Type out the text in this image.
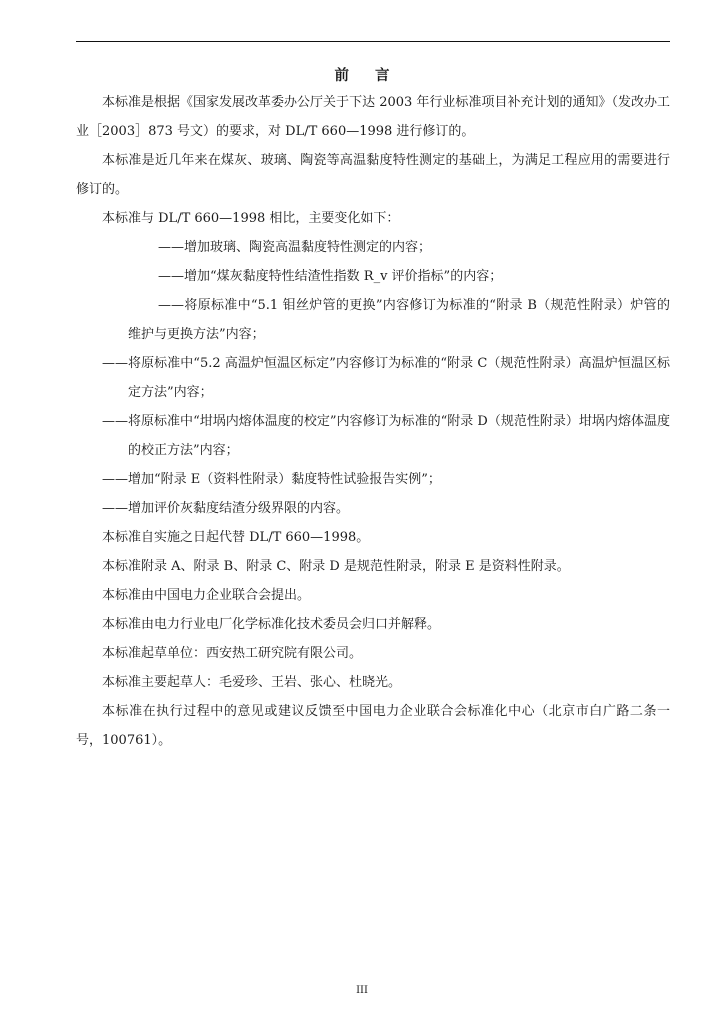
前 言

本标准是根据《国家发展改革委办公厅关于下达 2003 年行业标准项目补充计划的通知》（发改办工业［2003］873 号文）的要求，对 DL/T 660—1998 进行修订的。

本标准是近几年来在煤灰、玻璃、陶瓷等高温黏度特性测定的基础上，为满足工程应用的需要进行修订的。

本标准与 DL/T 660—1998 相比，主要变化如下：

——增加玻璃、陶瓷高温黏度特性测定的内容；

——增加“煤灰黏度特性结渣性指数 R_v 评价指标”的内容；

——将原标准中“5.1 钼丝炉管的更换”内容修订为标准的“附录 B（规范性附录）炉管的维护与更换方法”内容；

——将原标准中“5.2 高温炉恒温区标定”内容修订为标准的“附录 C（规范性附录）高温炉恒温区标定方法”内容；

——将原标准中“坩埚内熔体温度的校定”内容修订为标准的“附录 D（规范性附录）坩埚内熔体温度的校正方法”内容；

——增加“附录 E（资料性附录）黏度特性试验报告实例”；

——增加评价灰黏度结渣分级界限的内容。

本标准自实施之日起代替 DL/T 660—1998。

本标准附录 A、附录 B、附录 C、附录 D 是规范性附录，附录 E 是资料性附录。

本标准由中国电力企业联合会提出。

本标准由电力行业电厂化学标准化技术委员会归口并解释。

本标准起草单位：西安热工研究院有限公司。

本标准主要起草人：毛爱珍、王岩、张心、杜晓光。

本标准在执行过程中的意见或建议反馈至中国电力企业联合会标准化中心（北京市白广路二条一号，100761）。

III
